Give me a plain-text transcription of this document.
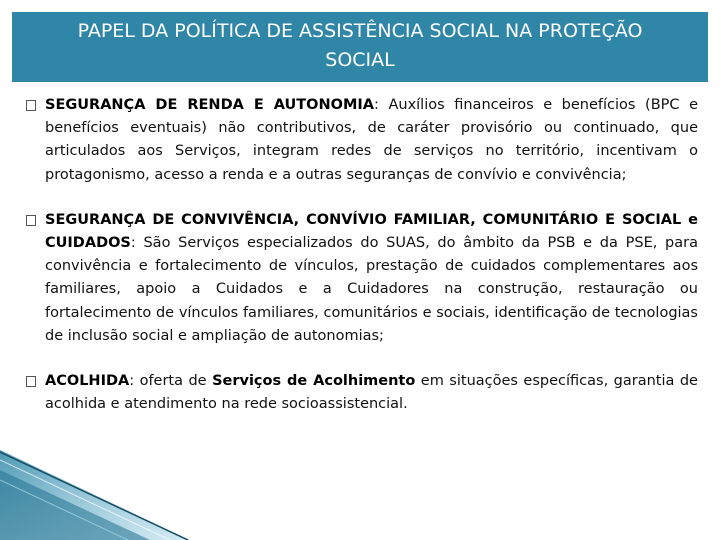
PAPEL DA POLÍTICA DE ASSISTÊNCIA SOCIAL NA PROTEÇÃO
SOCIAL
SEGURANÇA DE RENDA E AUTONOMIA: Auxílios financeiros e benefícios (BPC e benefícios eventuais) não contributivos, de caráter provisório ou continuado, que articulados aos Serviços, integram redes de serviços no território, incentivam o protagonismo, acesso a renda e a outras seguranças de convívio e convivência;
SEGURANÇA DE CONVIVÊNCIA, CONVÍVIO FAMILIAR, COMUNITÁRIO E SOCIAL e CUIDADOS: São Serviços especializados do SUAS, do âmbito da PSB e da PSE, para convivência e fortalecimento de vínculos, prestação de cuidados complementares aos familiares, apoio a Cuidados e a Cuidadores na construção, restauração ou fortalecimento de vínculos familiares, comunitários e sociais, identificação de tecnologias de inclusão social e ampliação de autonomias;
ACOLHIDA: oferta de Serviços de Acolhimento em situações específicas, garantia de acolhida e atendimento na rede socioassistencial.
